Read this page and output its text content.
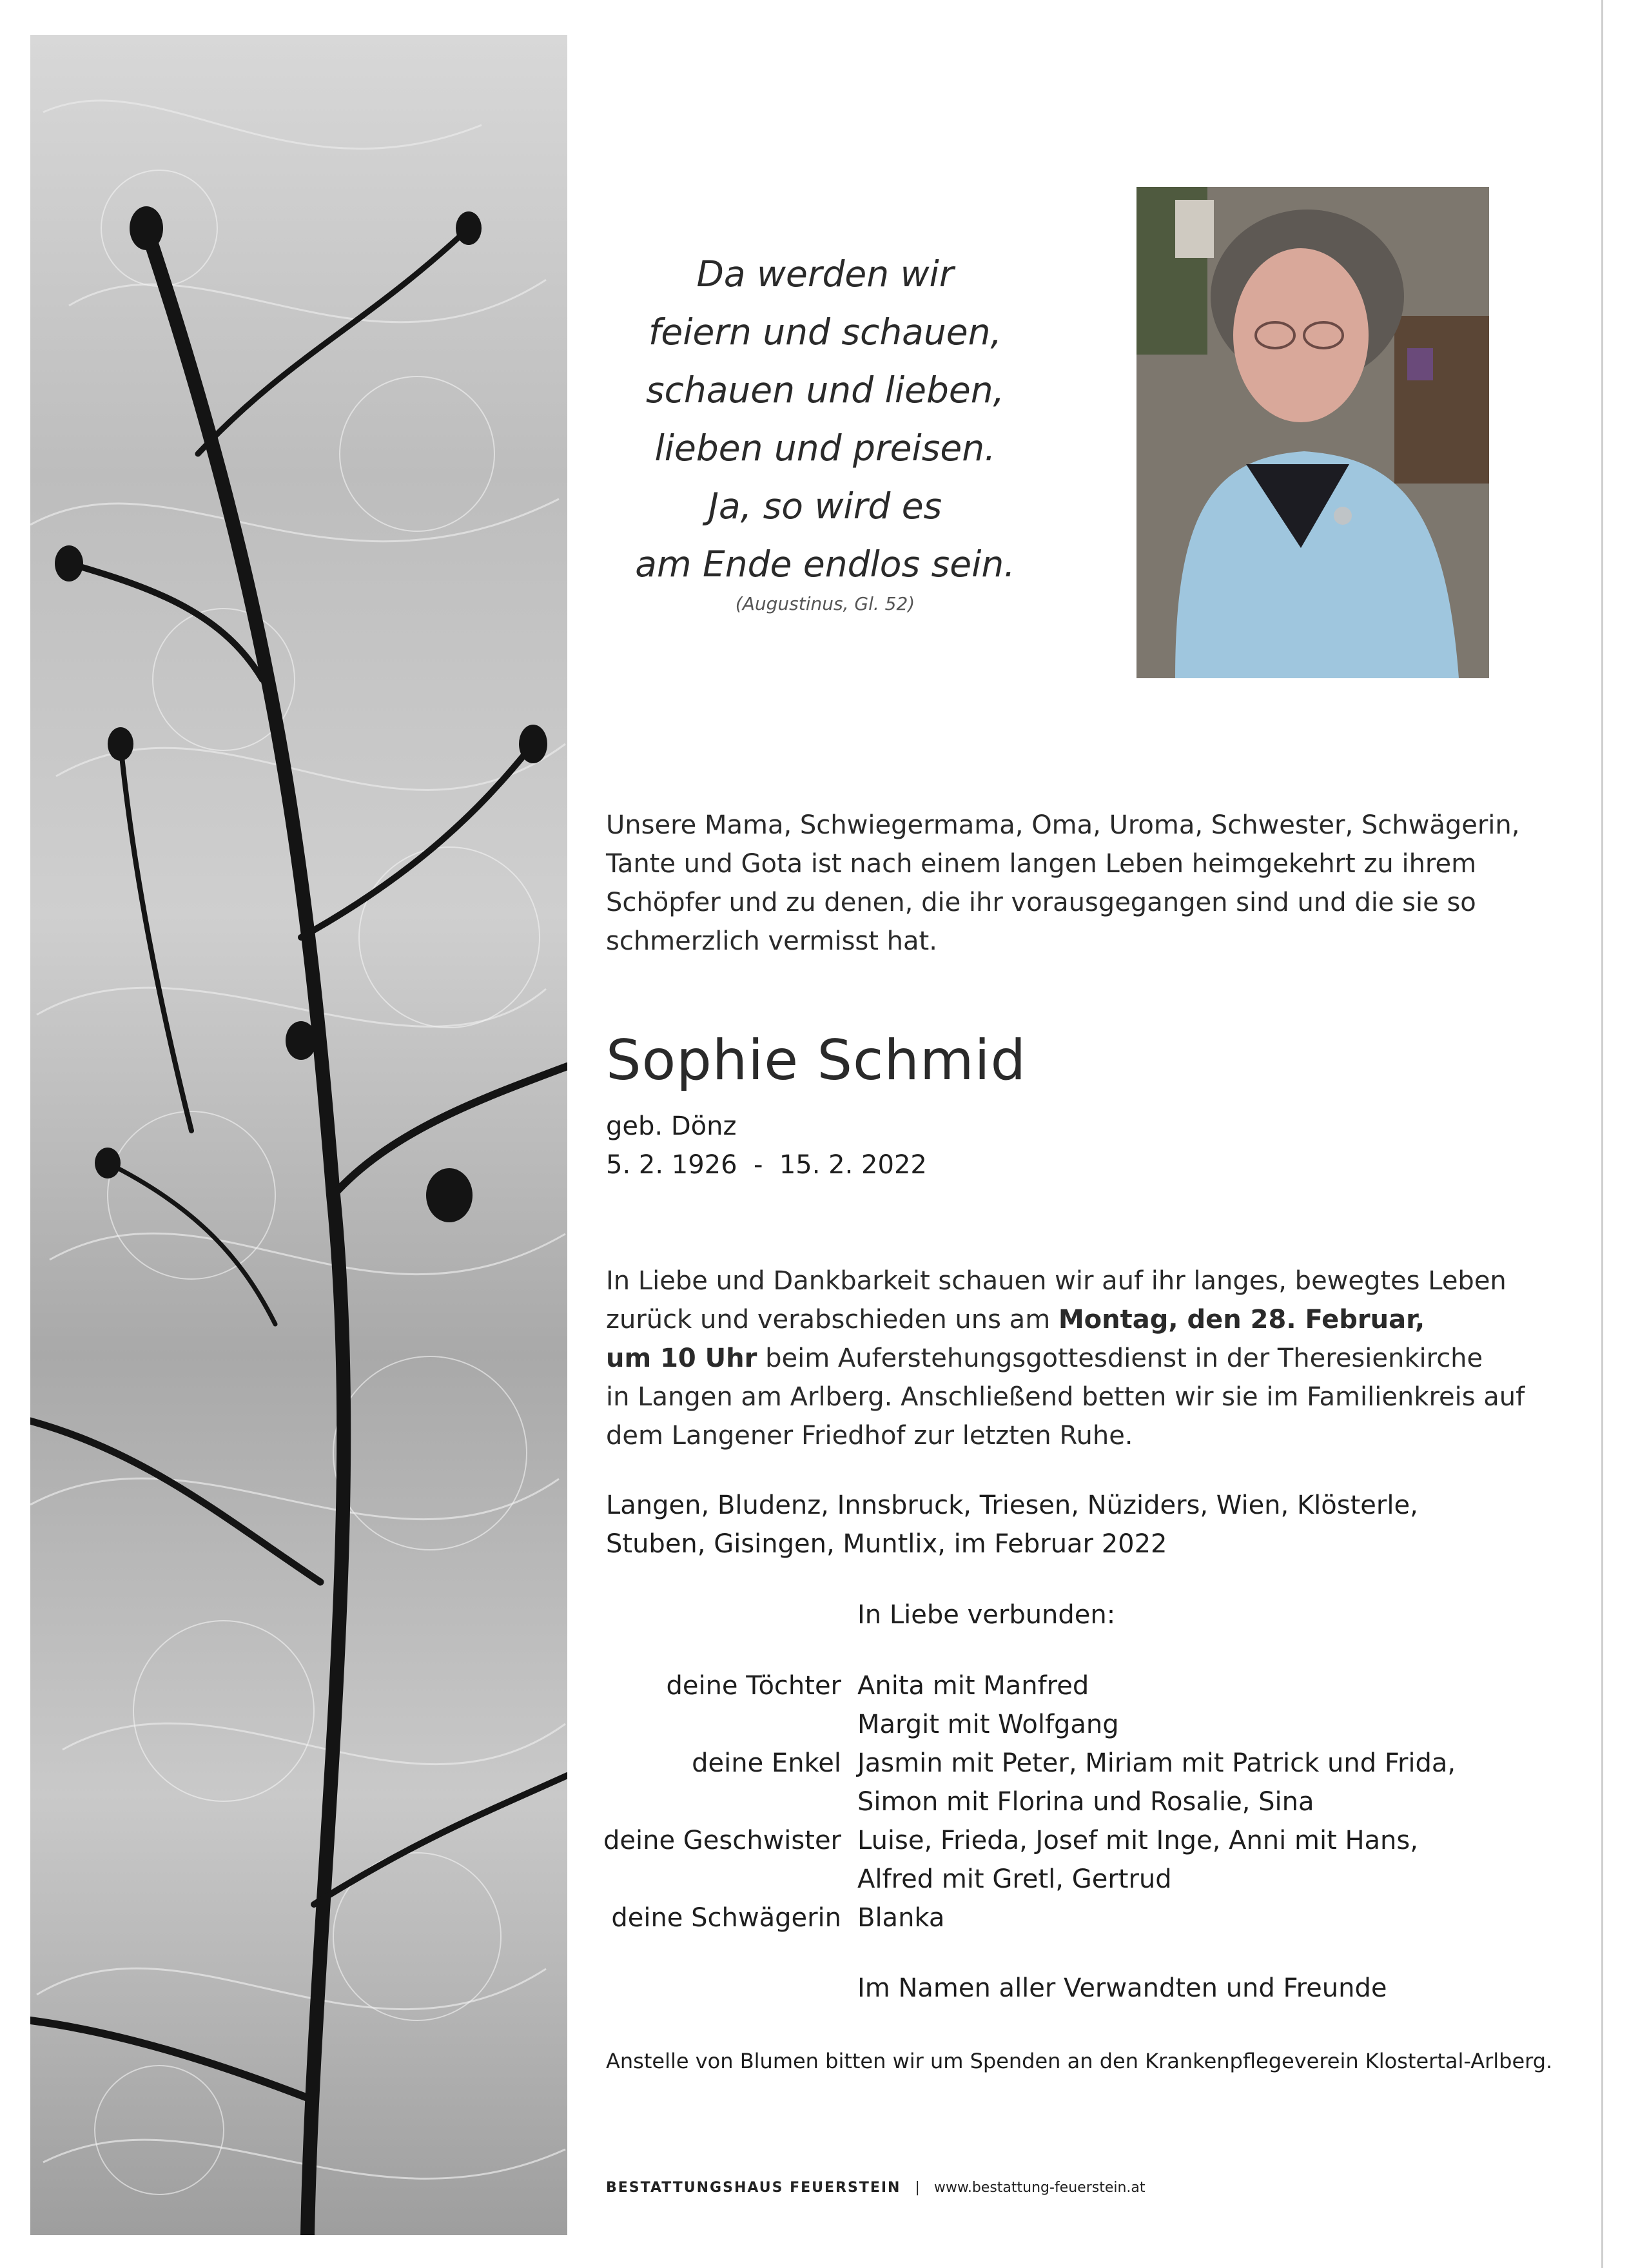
Da werden wir
feiern und schauen,
schauen und lieben,
lieben und preisen.
Ja, so wird es
am Ende endlos sein.
(Augustinus, Gl. 52)
Unsere Mama, Schwiegermama, Oma, Uroma, Schwester, Schwägerin,
Tante und Gota ist nach einem langen Leben heimgekehrt zu ihrem
Schöpfer und zu denen, die ihr vorausgegangen sind und die sie so
schmerzlich vermisst hat.
Sophie Schmid
geb. Dönz
5. 2. 1926  -  15. 2. 2022
In Liebe und Dankbarkeit schauen wir auf ihr langes, bewegtes Leben
zurück und verabschieden uns am Montag, den 28. Februar,
um 10 Uhr beim Auferstehungsgottesdienst in der Theresienkirche
in Langen am Arlberg. Anschließend betten wir sie im Familienkreis auf
dem Langener Friedhof zur letzten Ruhe.
Langen, Bludenz, Innsbruck, Triesen, Nüziders, Wien, Klösterle,
Stuben, Gisingen, Muntlix, im Februar 2022
In Liebe verbunden:
deine Töchter Anita mit Manfred
Margit mit Wolfgang
deine Enkel Jasmin mit Peter, Miriam mit Patrick und Frida,
Simon mit Florina und Rosalie, Sina
deine Geschwister Luise, Frieda, Josef mit Inge, Anni mit Hans,
Alfred mit Gretl, Gertrud
deine Schwägerin Blanka
Im Namen aller Verwandten und Freunde
Anstelle von Blumen bitten wir um Spenden an den Krankenpflegeverein Klostertal-Arlberg.
BESTATTUNGSHAUS FEUERSTEIN | www.bestattung-feuerstein.at
